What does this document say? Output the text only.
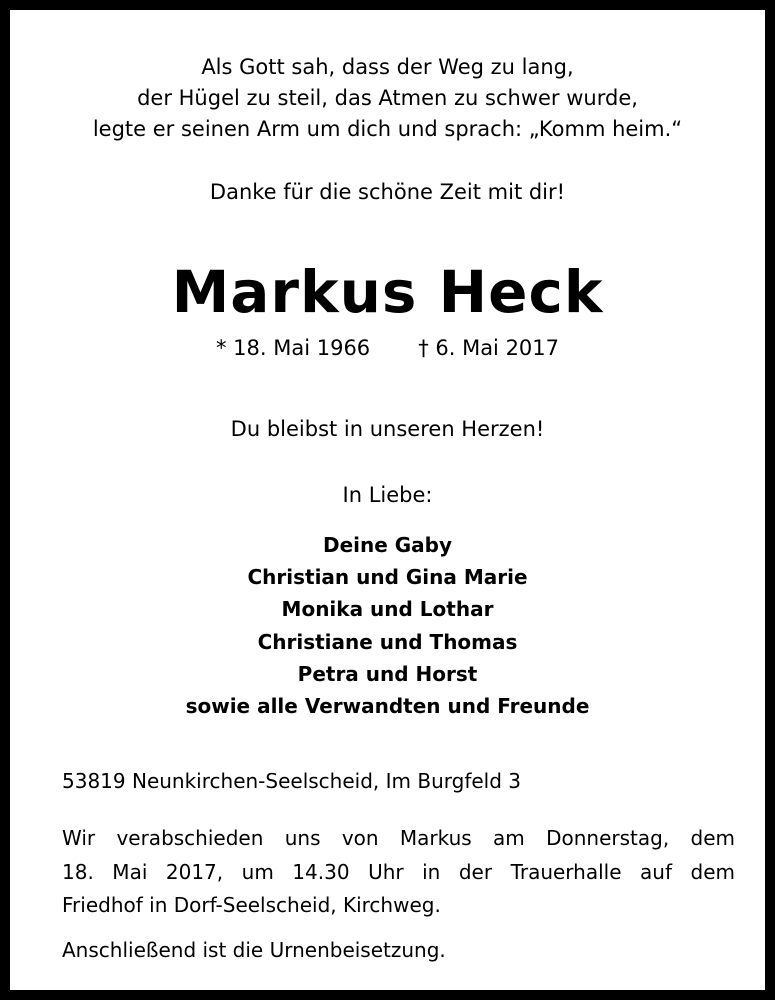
Als Gott sah, dass der Weg zu lang,
der Hügel zu steil, das Atmen zu schwer wurde,
legte er seinen Arm um dich und sprach: „Komm heim.“
Danke für die schöne Zeit mit dir!
Markus Heck
* 18. Mai 1966 † 6. Mai 2017
Du bleibst in unseren Herzen!
In Liebe:
Deine Gaby
Christian und Gina Marie
Monika und Lothar
Christiane und Thomas
Petra und Horst
sowie alle Verwandten und Freunde
53819 Neunkirchen-Seelscheid, Im Burgfeld 3
Wir verabschieden uns von Markus am Donnerstag, dem
18. Mai 2017, um 14.30 Uhr in der Trauerhalle auf dem
Friedhof in Dorf-Seelscheid, Kirchweg.
Anschließend ist die Urnenbeisetzung.
